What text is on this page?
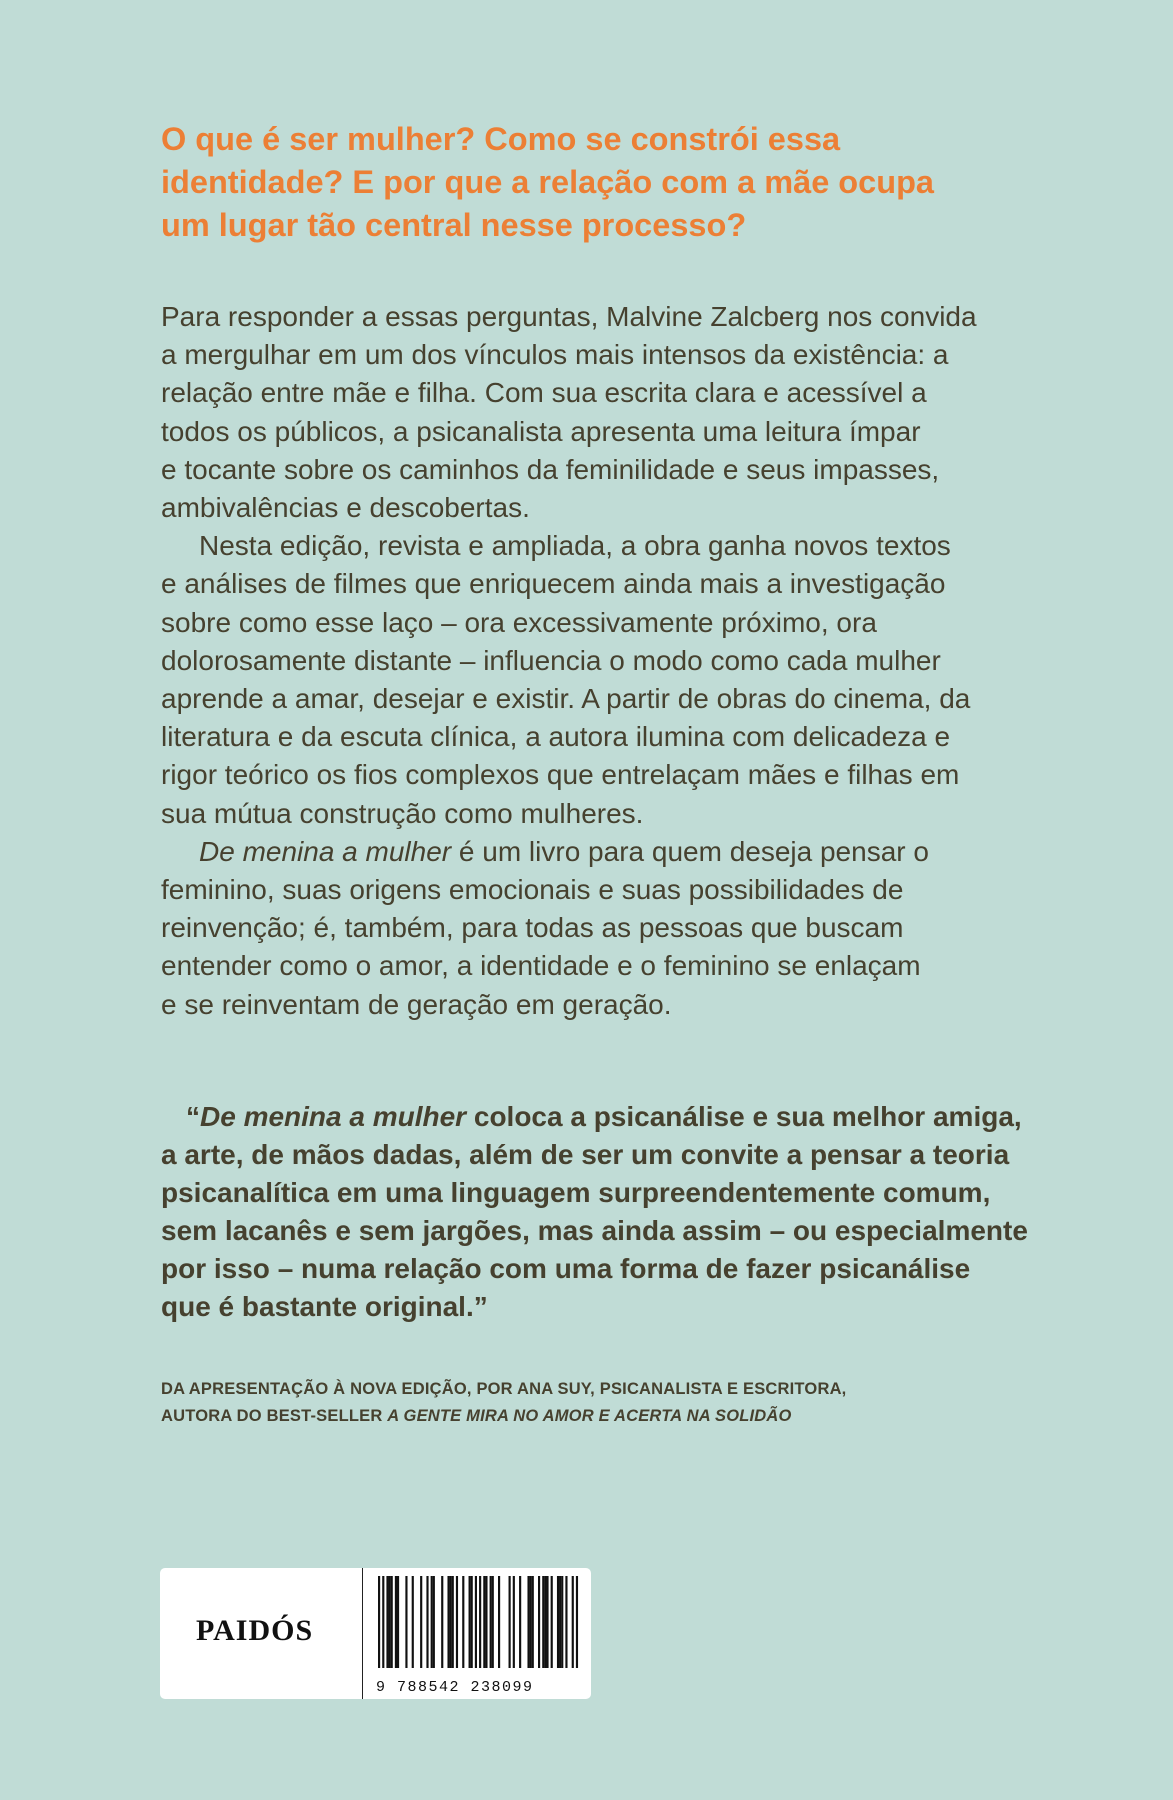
O que é ser mulher? Como se constrói essa
identidade? E por que a relação com a mãe ocupa
um lugar tão central nesse processo?

Para responder a essas perguntas, Malvine Zalcberg nos convida
a mergulhar em um dos vínculos mais intensos da existência: a
relação entre mãe e filha. Com sua escrita clara e acessível a
todos os públicos, a psicanalista apresenta uma leitura ímpar
e tocante sobre os caminhos da feminilidade e seus impasses,
ambivalências e descobertas.

Nesta edição, revista e ampliada, a obra ganha novos textos
e análises de filmes que enriquecem ainda mais a investigação
sobre como esse laço – ora excessivamente próximo, ora
dolorosamente distante – influencia o modo como cada mulher
aprende a amar, desejar e existir. A partir de obras do cinema, da
literatura e da escuta clínica, a autora ilumina com delicadeza e
rigor teórico os fios complexos que entrelaçam mães e filhas em
sua mútua construção como mulheres.

De menina a mulher é um livro para quem deseja pensar o
feminino, suas origens emocionais e suas possibilidades de
reinvenção; é, também, para todas as pessoas que buscam
entender como o amor, a identidade e o feminino se enlaçam
e se reinventam de geração em geração.

“De menina a mulher coloca a psicanálise e sua melhor amiga,
a arte, de mãos dadas, além de ser um convite a pensar a teoria
psicanalítica em uma linguagem surpreendentemente comum,
sem lacanês e sem jargões, mas ainda assim – ou especialmente
por isso – numa relação com uma forma de fazer psicanálise
que é bastante original.”

DA APRESENTAÇÃO À NOVA EDIÇÃO, POR ANA SUY, PSICANALISTA E ESCRITORA,
AUTORA DO BEST-SELLER A GENTE MIRA NO AMOR E ACERTA NA SOLIDÃO
PAIDÓS
9 788542 238099
